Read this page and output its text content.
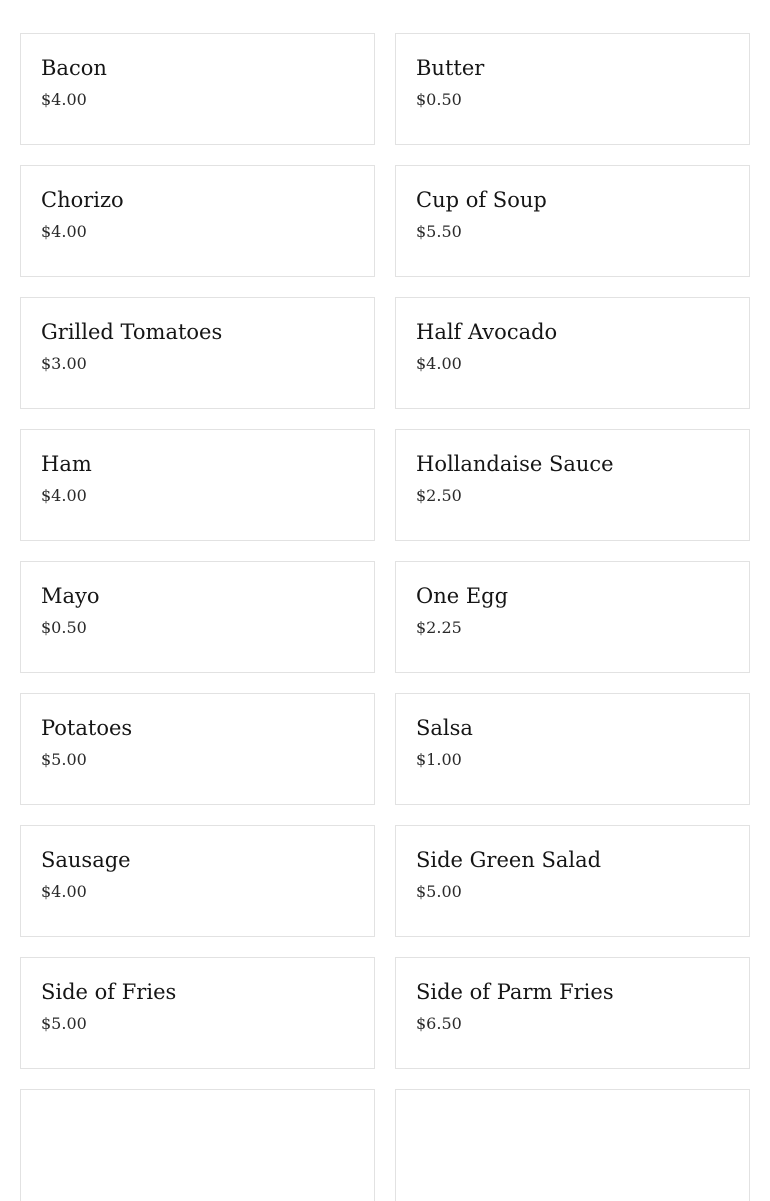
Bacon
$4.00
Butter
$0.50
Chorizo
$4.00
Cup of Soup
$5.50
Grilled Tomatoes
$3.00
Half Avocado
$4.00
Ham
$4.00
Hollandaise Sauce
$2.50
Mayo
$0.50
One Egg
$2.25
Potatoes
$5.00
Salsa
$1.00
Sausage
$4.00
Side Green Salad
$5.00
Side of Fries
$5.00
Side of Parm Fries
$6.50
